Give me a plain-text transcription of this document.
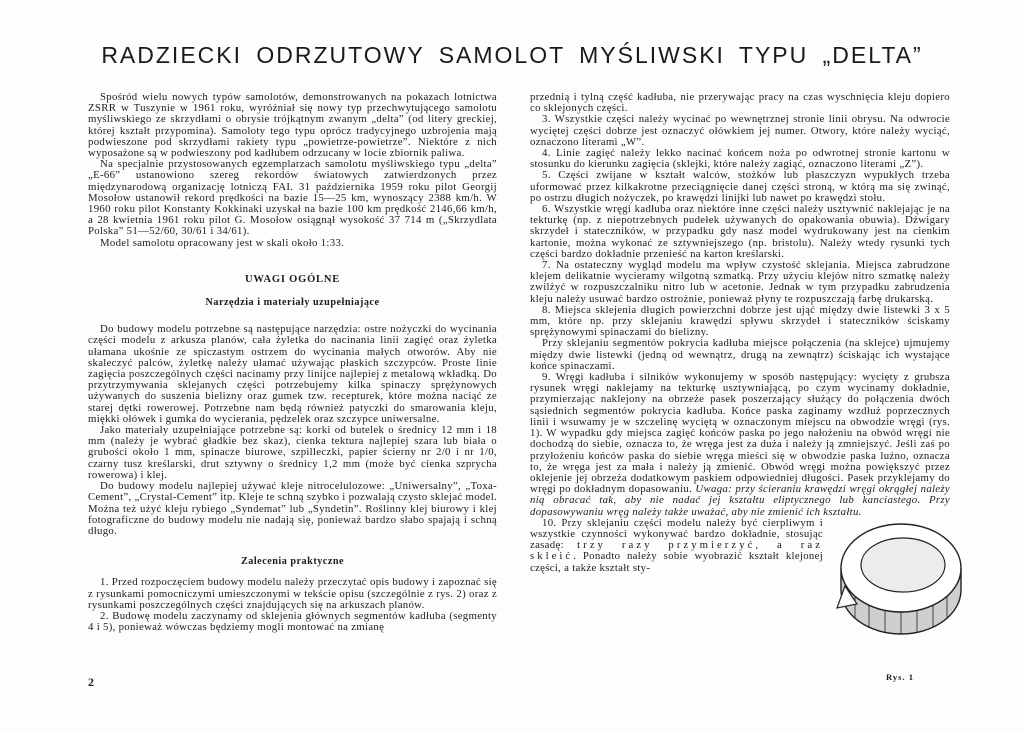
RADZIECKI ODRZUTOWY SAMOLOT MYŚLIWSKI TYPU „DELTA”

Spośród wielu nowych typów samolotów, demonstrowanych na pokazach lotnictwa ZSRR w Tuszynie w 1961 roku, wyróżniał się nowy typ przechwytującego samolotu myśliwskiego ze skrzydłami o obrysie trójkątnym zwanym „delta” (od litery greckiej, której kształt przypomina). Samoloty tego typu oprócz tradycyjnego uzbrojenia mają podwieszone pod skrzydłami rakiety typu „powietrze-powietrze”. Niektóre z nich wyposażone są w podwieszony pod kadłubem odrzucany w locie zbiornik paliwa.

Na specjalnie przystosowanych egzemplarzach samolotu myśliwskiego typu „delta” „E-66” ustanowiono szereg rekordów światowych zatwierdzonych przez międzynarodową organizację lotniczą FAI. 31 października 1959 roku pilot Georgij Mosołow ustanowił rekord prędkości na bazie 15—25 km, wynoszący 2388 km/h. W 1960 roku pilot Konstanty Kokkinaki uzyskał na bazie 100 km prędkość 2146,66 km/h, a 28 kwietnia 1961 roku pilot G. Mosołow osiągnął wysokość 37 714 m („Skrzydlata Polska” 51—52/60, 30/61 i 34/61).

Model samolotu opracowany jest w skali około 1:33.

UWAGI OGÓLNE
Narzędzia i materiały uzupełniające

Do budowy modelu potrzebne są następujące narzędzia: ostre nożyczki do wycinania części modelu z arkusza planów, cała żyletka do nacinania linii zagięć oraz żyletka ułamana ukośnie ze spiczastym ostrzem do wycinania małych otworów. Aby nie skaleczyć palców, żyletkę należy ułamać używając płaskich szczypców. Proste linie zagięcia poszczególnych części nacinamy przy linijce najlepiej z metalową wkładką. Do przytrzymywania sklejanych części potrzebujemy kilka spinaczy sprężynowych używanych do suszenia bielizny oraz gumek tzw. recepturek, które można naciąć ze starej dętki rowerowej. Potrzebne nam będą również patyczki do smarowania kleju, miękki ołówek i gumka do wycierania, pędzelek oraz szczypce uniwersalne.

Jako materiały uzupełniające potrzebne są: korki od butelek o średnicy 12 mm i 18 mm (należy je wybrać gładkie bez skaz), cienka tektura najlepiej szara lub biała o grubości około 1 mm, spinacze biurowe, szpilleczki, papier ścierny nr 2/0 i nr 1/0, czarny tusz kreślarski, drut sztywny o średnicy 1,2 mm (może być cienka szprycha rowerowa) i klej.

Do budowy modelu najlepiej używać kleje nitrocelulozowe: „Uniwersalny”, „Toxa-Cement”, „Crystal-Cement” itp. Kleje te schną szybko i pozwalają czysto sklejać model. Można też użyć kleju rybiego „Syndemat” lub „Syndetin”. Roślinny klej biurowy i klej fotograficzne do budowy modelu nie nadają się, ponieważ bardzo słabo spajają i schną długo.

Zalecenia praktyczne

1. Przed rozpoczęciem budowy modelu należy przeczytać opis budowy i zapoznać się z rysunkami pomocniczymi umieszczonymi w tekście opisu (szczególnie z rys. 2) oraz z rysunkami poszczególnych części znajdujących się na arkuszach planów.

2. Budowę modelu zaczynamy od sklejenia głównych segmentów kadłuba (segmenty 4 i 5), ponieważ wówczas będziemy mogli montować na zmianę

Rys. 1

przednią i tylną część kadłuba, nie przerywając pracy na czas wyschnięcia kleju dopiero co sklejonych części.

3. Wszystkie części należy wycinać po wewnętrznej stronie linii obrysu. Na odwrocie wyciętej części dobrze jest oznaczyć ołówkiem jej numer. Otwory, które należy wyciąć, oznaczono literami „W”.

4. Linie zagięć należy lekko nacinać końcem noża po odwrotnej stronie kartonu w stosunku do kierunku zagięcia (sklejki, które należy zagiąć, oznaczono literami „Z”).

5. Części zwijane w kształt walców, stożków lub płaszczyzn wypukłych trzeba uformować przez kilkakrotne przeciągnięcie danej części stroną, w którą ma się zwinąć, po ostrzu długich nożyczek, po krawędzi linijki lub nawet po krawędzi stołu.

6. Wszystkie wręgi kadłuba oraz niektóre inne części należy usztywnić naklejając je na tekturkę (np. z niepotrzebnych pudełek używanych do opakowania obuwia). Dźwigary skrzydeł i stateczników, w przypadku gdy nasz model wydrukowany jest na cienkim kartonie, można wykonać ze sztywniejszego (np. bristolu). Należy wtedy rysunki tych części bardzo dokładnie przenieść na karton kreślarski.

7. Na ostateczny wygląd modelu ma wpływ czystość sklejania. Miejsca zabrudzone klejem delikatnie wycieramy wilgotną szmatką. Przy użyciu klejów nitro szmatkę należy zwilżyć w rozpuszczalniku nitro lub w acetonie. Jednak w tym przypadku zabrudzenia kleju należy usuwać bardzo ostrożnie, ponieważ płyny te rozpuszczają farbę drukarską.

8. Miejsca sklejenia długich powierzchni dobrze jest ująć między dwie listewki 3 x 5 mm, które np. przy sklejaniu krawędzi spływu skrzydeł i stateczników ściskamy sprężynowymi spinaczami do bielizny.

Przy sklejaniu segmentów pokrycia kadłuba miejsce połączenia (na sklejce) ujmujemy między dwie listewki (jedną od wewnątrz, drugą na zewnątrz) ściskając ich wystające końce spinaczami.

9. Wręgi kadłuba i silników wykonujemy w sposób następujący: wycięty z grubsza rysunek wręgi naklejamy na tekturkę usztywniającą, po czym wycinamy dokładnie, przymierzając naklejony na obrzeże pasek poszerzający służący do połączenia dwóch sąsiednich segmentów pokrycia kadłuba. Końce paska zaginamy wzdłuż poprzecznych linii i wsuwamy je w szczelinę wyciętą w oznaczonym miejscu na obwodzie wręgi (rys. 1). W wypadku gdy miejsca zagięć końców paska po jego nałożeniu na obwód wręgi nie dochodzą do siebie, oznacza to, że wręga jest za duża i należy ją zmniejszyć. Jeśli zaś po przyłożeniu końców paska do siebie wręga mieści się w obwodzie paska luźno, oznacza to, że wręga jest za mała i należy ją zmienić. Obwód wręgi można powiększyć przez oklejenie jej obrzeża dodatkowym paskiem odpowiedniej długości. Pasek przyklejamy do wręgi po dokładnym dopasowaniu. Uwaga: przy ścieraniu krawędzi wręgi okrągłej należy nią obracać tak, aby nie nadać jej kształtu eliptycznego lub kanciastego. Przy dopasowywaniu wręg należy także uważać, aby nie zmienić ich kształtu.

10. Przy sklejaniu części modelu należy być cierpliwym i wszystkie czynności wykonywać bardzo dokładnie, stosując zasadę: trzy razy przymierzyć, a raz skleić. Ponadto należy sobie wyobrazić kształt klejonej części, a także kształt sty-

2
